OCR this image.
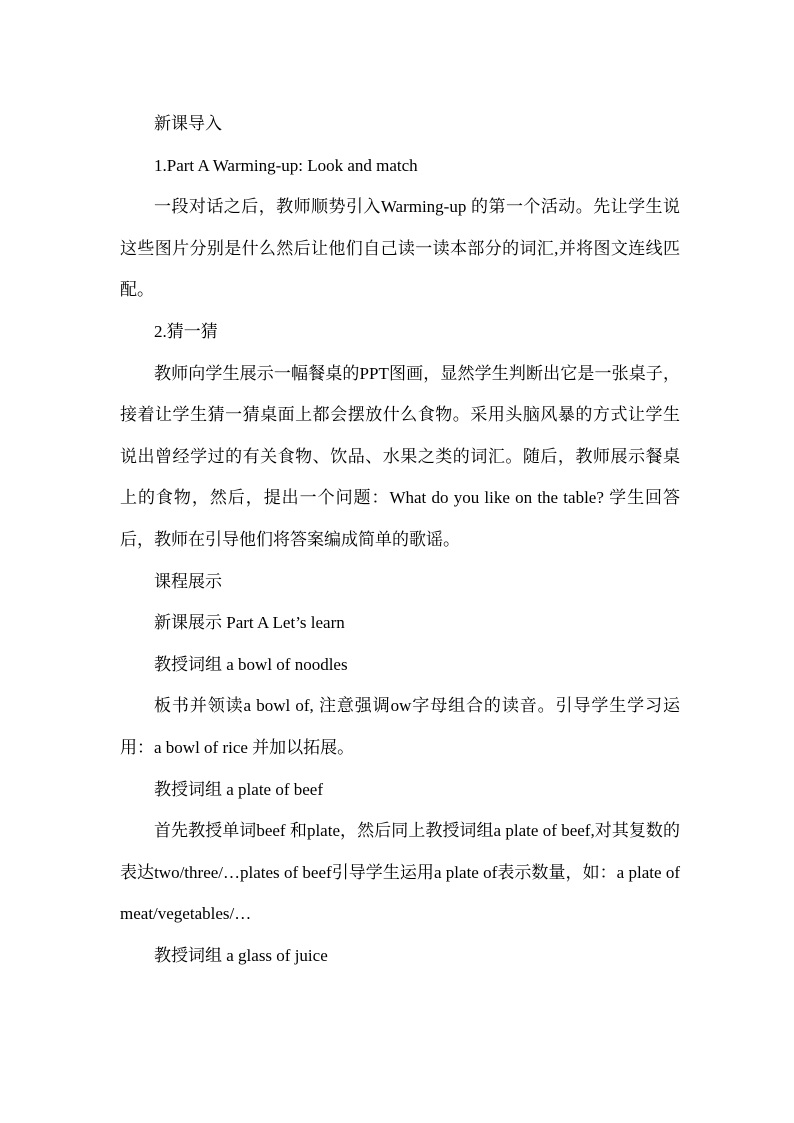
新课导入

1.Part A Warming-up: Look and match

一段对话之后，教师顺势引入Warming-up 的第一个活动。先让学生说这些图片分别是什么然后让他们自己读一读本部分的词汇,并将图文连线匹配。

2.猜一猜

教师向学生展示一幅餐桌的PPT图画，显然学生判断出它是一张桌子，接着让学生猜一猜桌面上都会摆放什么食物。采用头脑风暴的方式让学生说出曾经学过的有关食物、饮品、水果之类的词汇。随后，教师展示餐桌上的食物，然后，提出一个问题：What do you like on the table? 学生回答后，教师在引导他们将答案编成简单的歌谣。

课程展示

新课展示 Part A Let’s learn

教授词组 a bowl of noodles

板书并领读a bowl of, 注意强调ow字母组合的读音。引导学生学习运用：a bowl of rice 并加以拓展。

教授词组 a plate of beef

首先教授单词beef 和plate，然后同上教授词组a plate of beef,对其复数的表达two/three/…plates of beef引导学生运用a plate of表示数量，如：a plate of meat/vegetables/…

教授词组 a glass of juice
